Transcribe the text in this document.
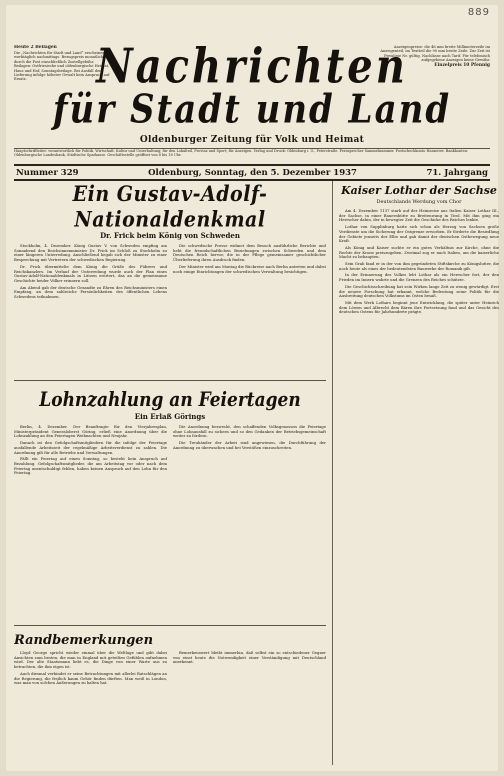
889
Heute 2 Beilagen
Die „Nachrichten für Stadt und Land“ erscheinen werktäglich nachmittags. Bezugspreis monatlich durch die Post einschließlich Zustellgebühr. Beilagen: Ostfriesische und oldenburgische Heimat, Haus und Hof, Sonntagsbeilage. Bei Ausfall der Lieferung infolge höherer Gewalt kein Anspruch auf Ersatz.
Anzeigenpreise: die 46 mm breite Millimeterzeile im Anzeigenteil, im Textteil die 90 mm breite Zeile. Zur Zeit ist Preisliste Nr. gültig. Nachlässe nach Tarif. Für telefonisch aufgegebene Anzeigen keine Gewähr.
Einzelpreis 10 Pfennig
Nachrichten
für Stadt und Land
Oldenburger Zeitung für Volk und Heimat
Hauptschriftleiter: verantwortlich für Politik, Wirtschaft, Kultur und Unterhaltung; für den Lokalteil, Provinz und Sport; für Anzeigen. Verlag und Druck: Oldenburg i. O., Peterstraße. Fernsprecher Sammelnummer. Postscheckkonto Hannover. Bankkonten: Oldenburgische Landesbank, Städtische Sparkasse. Geschäftsstelle geöffnet von 8 bis 18 Uhr.
Nummer 329	Oldenburg, Sonntag, den 5. Dezember 1937	71. Jahrgang
Ein Gustav-Adolf-Nationaldenkmal
Dr. Frick beim König von Schweden

Stockholm, 4. Dezember. König Gustav V. von Schweden empfing am Sonnabend den Reichsinnenminister Dr. Frick im Schloß zu Stockholm zu einer längeren Unterredung. Anschließend begab sich der Minister zu einer Besprechung mit Vertretern der schwedischen Regierung.

Dr. Frick übermittelte dem König die Grüße des Führers und Reichskanzlers. Im Verlauf der Unterredung wurde auch der Plan eines Gustav-Adolf-Nationaldenkmals in Lützen erörtert, das an die gemeinsame Geschichte beider Völker erinnern soll.

Am Abend gab der deutsche Gesandte zu Ehren des Reichsministers einen Empfang, an dem zahlreiche Persönlichkeiten des öffentlichen Lebens Schwedens teilnahmen.

Die schwedische Presse widmet dem Besuch ausführliche Berichte und hebt die freundschaftlichen Beziehungen zwischen Schweden und dem Deutschen Reich hervor, die in der Pflege gemeinsamer geschichtlicher Überlieferung ihren Ausdruck finden.

Der Minister wird am Montag die Rückreise nach Berlin antreten und dabei noch einige Einrichtungen der schwedischen Verwaltung besichtigen.

Lohnzahlung an Feiertagen
Ein Erlaß Görings

Berlin, 4. Dezember. Der Beauftragte für den Vierjahresplan, Ministerpräsident Generaloberst Göring, erließ eine Anordnung über die Lohnzahlung an den Feiertagen Weihnachten und Neujahr.

Danach ist den Gefolgschaftsmitgliedern für die infolge der Feiertage ausfallende Arbeitszeit der regelmäßige Arbeitsverdienst zu zahlen. Die Anordnung gilt für alle Betriebe und Verwaltungen.

Fällt ein Feiertag auf einen Sonntag, so besteht kein Anspruch auf Bezahlung. Gefolgschaftsmitglieder, die am Arbeitstag vor oder nach dem Feiertag unentschuldigt fehlen, haben keinen Anspruch auf den Lohn für den Feiertag.

Die Anordnung bezweckt, den schaffenden Volksgenossen die Feiertage ohne Lohnausfall zu sichern und so den Gedanken der Betriebsgemeinschaft weiter zu fördern.

Die Treuhänder der Arbeit sind angewiesen, die Durchführung der Anordnung zu überwachen und bei Verstößen einzuschreiten.

Randbemerkungen

Lloyd George spricht wieder einmal über die Weltlage und gibt dabei Ansichten zum besten, die man in England mit geteilten Gefühlen aufnehmen wird. Der alte Staatsmann liebt es, die Dinge von einer Warte aus zu betrachten, die ihm eigen ist.

Auch diesmal verbindet er seine Betrachtungen mit allerlei Ratschlägen an die Regierung, die freilich kaum Gehör finden dürften. Man weiß in London, was man von solchen Äußerungen zu halten hat.

Bemerkenswert bleibt immerhin, daß selbst ein so entschiedener Gegner von einst heute die Notwendigkeit einer Verständigung mit Deutschland anerkennt.

Kaiser Lothar der Sachse
Deutschlands Werdung vom Chor

Am 4. Dezember 1137 starb auf der Heimreise aus Italien Kaiser Lothar III., der Sachse, in einer Bauernhütte zu Breitenwang in Tirol. Mit ihm ging ein Herrscher dahin, der in bewegter Zeit die Geschicke des Reiches lenkte.

Lothar von Supplinburg hatte sich schon als Herzog von Sachsen große Verdienste um die Sicherung der Ostgrenze erworben. Er förderte die Besiedlung der Gebiete jenseits der Elbe und gab damit der deutschen Ostbewegung neue Kraft.

Als König und Kaiser suchte er ein gutes Verhältnis zur Kirche, ohne die Rechte der Krone preiszugeben. Zweimal zog er nach Italien, um die kaiserliche Macht zu behaupten.

Sein Grab fand er in der von ihm gegründeten Stiftskirche zu Königslutter, die noch heute als eines der bedeutendsten Bauwerke der Romanik gilt.

In der Erinnerung des Volkes lebt Lothar als ein Herrscher fort, der den Frieden im Innern wahrte und die Grenzen des Reiches schützte.

Die Geschichtsschreibung hat sein Wirken lange Zeit zu wenig gewürdigt. Erst die neuere Forschung hat erkannt, welche Bedeutung seine Politik für die Ausbreitung deutschen Volkstums im Osten besaß.

Mit dem Werk Lothars beginnt jene Entwicklung, die später unter Heinrich dem Löwen und Albrecht dem Bären ihre Fortsetzung fand und das Gesicht des deutschen Ostens für Jahrhunderte prägte.
